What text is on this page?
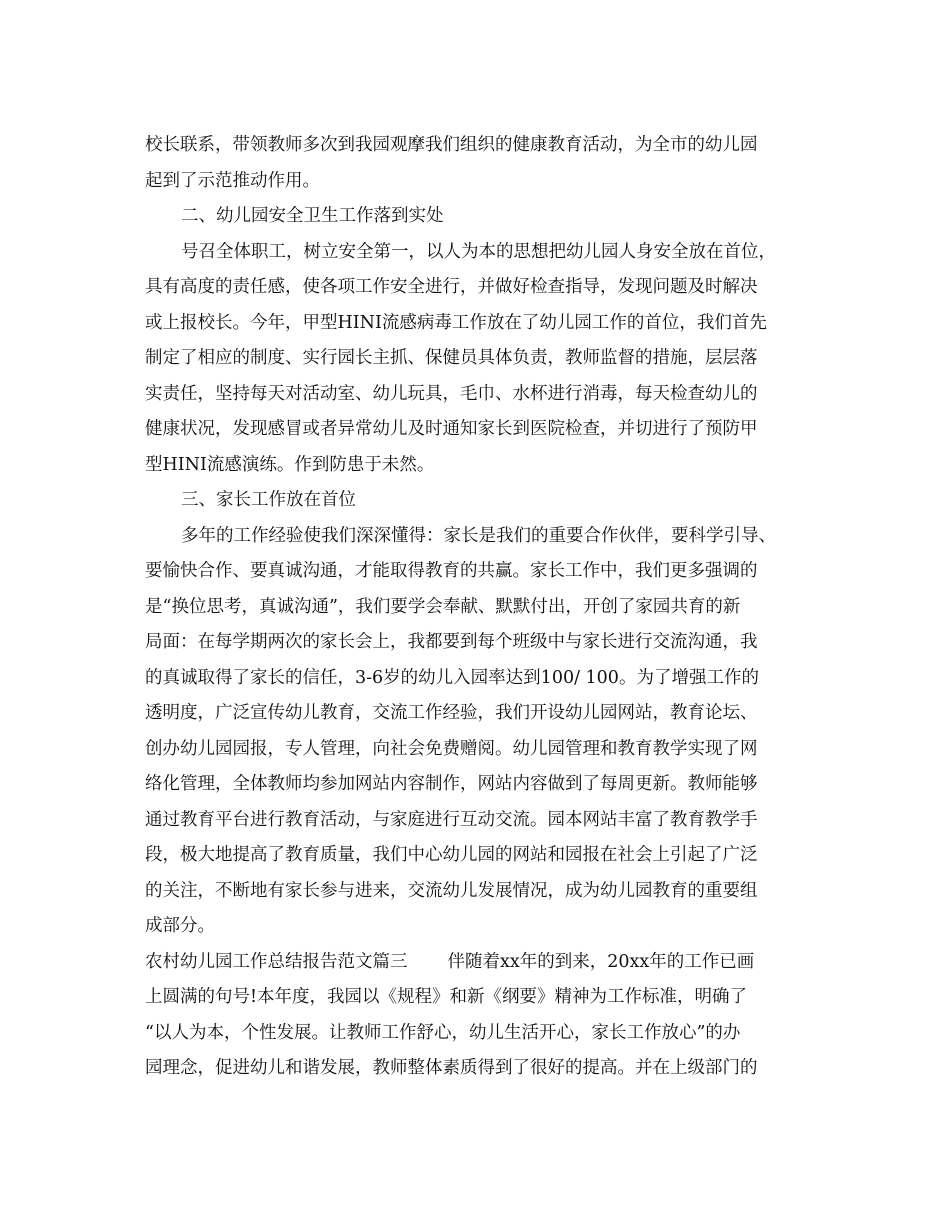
校长联系，带领教师多次到我园观摩我们组织的健康教育活动，为全市的幼儿园
起到了示范推动作用。
二、幼儿园安全卫生工作落到实处
号召全体职工，树立安全第一，以人为本的思想把幼儿园人身安全放在首位，
具有高度的责任感，使各项工作安全进行，并做好检查指导，发现问题及时解决
或上报校长。今年，甲型HINI流感病毒工作放在了幼儿园工作的首位，我们首先
制定了相应的制度、实行园长主抓、保健员具体负责，教师监督的措施，层层落
实责任，坚持每天对活动室、幼儿玩具，毛巾、水杯进行消毒，每天检查幼儿的
健康状况，发现感冒或者异常幼儿及时通知家长到医院检查，并切进行了预防甲
型HINI流感演练。作到防患于未然。
三、家长工作放在首位
多年的工作经验使我们深深懂得：家长是我们的重要合作伙伴，要科学引导、
要愉快合作、要真诚沟通，才能取得教育的共赢。家长工作中，我们更多强调的
是“换位思考，真诚沟通”，我们要学会奉献、默默付出，开创了家园共育的新
局面：在每学期两次的家长会上，我都要到每个班级中与家长进行交流沟通，我
的真诚取得了家长的信任，3-6岁的幼儿入园率达到100/ 100。为了增强工作的
透明度，广泛宣传幼儿教育，交流工作经验，我们开设幼儿园网站，教育论坛、
创办幼儿园园报，专人管理，向社会免费赠阅。幼儿园管理和教育教学实现了网
络化管理，全体教师均参加网站内容制作，网站内容做到了每周更新。教师能够
通过教育平台进行教育活动，与家庭进行互动交流。园本网站丰富了教育教学手
段，极大地提高了教育质量，我们中心幼儿园的网站和园报在社会上引起了广泛
的关注，不断地有家长参与进来，交流幼儿发展情况，成为幼儿园教育的重要组
成部分。
农村幼儿园工作总结报告范文篇三 伴随着xx年的到来，20xx年的工作已画
上圆满的句号!本年度，我园以《规程》和新《纲要》精神为工作标准，明确了
“以人为本，个性发展。让教师工作舒心，幼儿生活开心，家长工作放心”的办
园理念，促进幼儿和谐发展，教师整体素质得到了很好的提高。并在上级部门的
